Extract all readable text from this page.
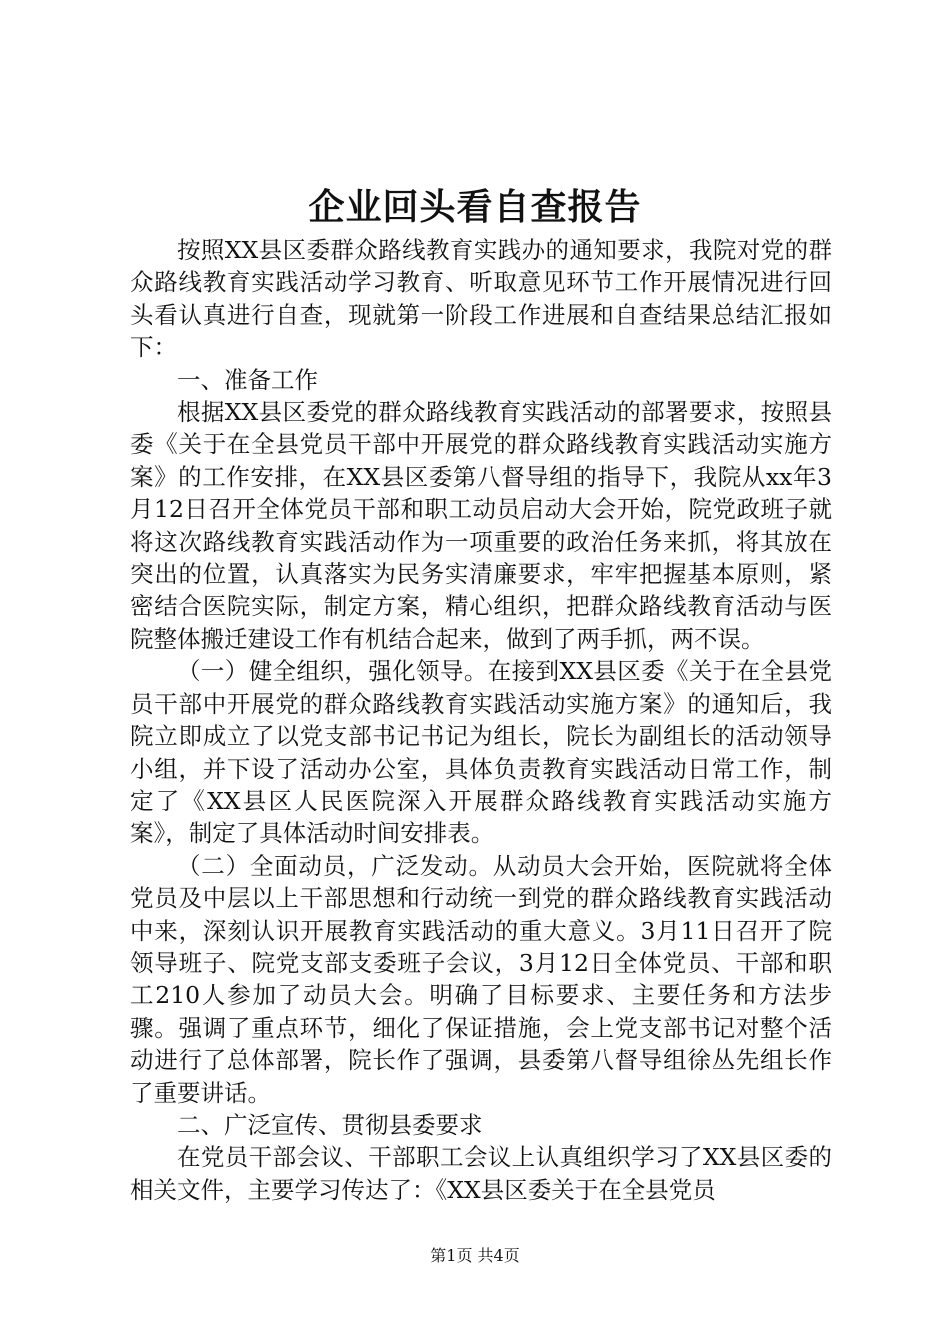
企业回头看自查报告

按照XX县区委群众路线教育实践办的通知要求，我院对党的群众路线教育实践活动学习教育、听取意见环节工作开展情况进行回头看认真进行自查，现就第一阶段工作进展和自查结果总结汇报如下：

一、准备工作

根据XX县区委党的群众路线教育实践活动的部署要求，按照县委《关于在全县党员干部中开展党的群众路线教育实践活动实施方案》的工作安排，在XX县区委第八督导组的指导下，我院从xx年3月12日召开全体党员干部和职工动员启动大会开始，院党政班子就将这次路线教育实践活动作为一项重要的政治任务来抓，将其放在突出的位置，认真落实为民务实清廉要求，牢牢把握基本原则，紧密结合医院实际，制定方案，精心组织，把群众路线教育活动与医院整体搬迁建设工作有机结合起来，做到了两手抓，两不误。

（一）健全组织，强化领导。在接到XX县区委《关于在全县党员干部中开展党的群众路线教育实践活动实施方案》的通知后，我院立即成立了以党支部书记书记为组长，院长为副组长的活动领导小组，并下设了活动办公室，具体负责教育实践活动日常工作，制定了《XX县区人民医院深入开展群众路线教育实践活动实施方案》，制定了具体活动时间安排表。

（二）全面动员，广泛发动。从动员大会开始，医院就将全体党员及中层以上干部思想和行动统一到党的群众路线教育实践活动中来，深刻认识开展教育实践活动的重大意义。3月11日召开了院领导班子、院党支部支委班子会议，3月12日全体党员、干部和职工210人参加了动员大会。明确了目标要求、主要任务和方法步骤。强调了重点环节，细化了保证措施，会上党支部书记对整个活动进行了总体部署，院长作了强调，县委第八督导组徐丛先组长作了重要讲话。

二、广泛宣传、贯彻县委要求

在党员干部会议、干部职工会议上认真组织学习了XX县区委的相关文件，主要学习传达了：《XX县区委关于在全县党员

第1页 共4页
